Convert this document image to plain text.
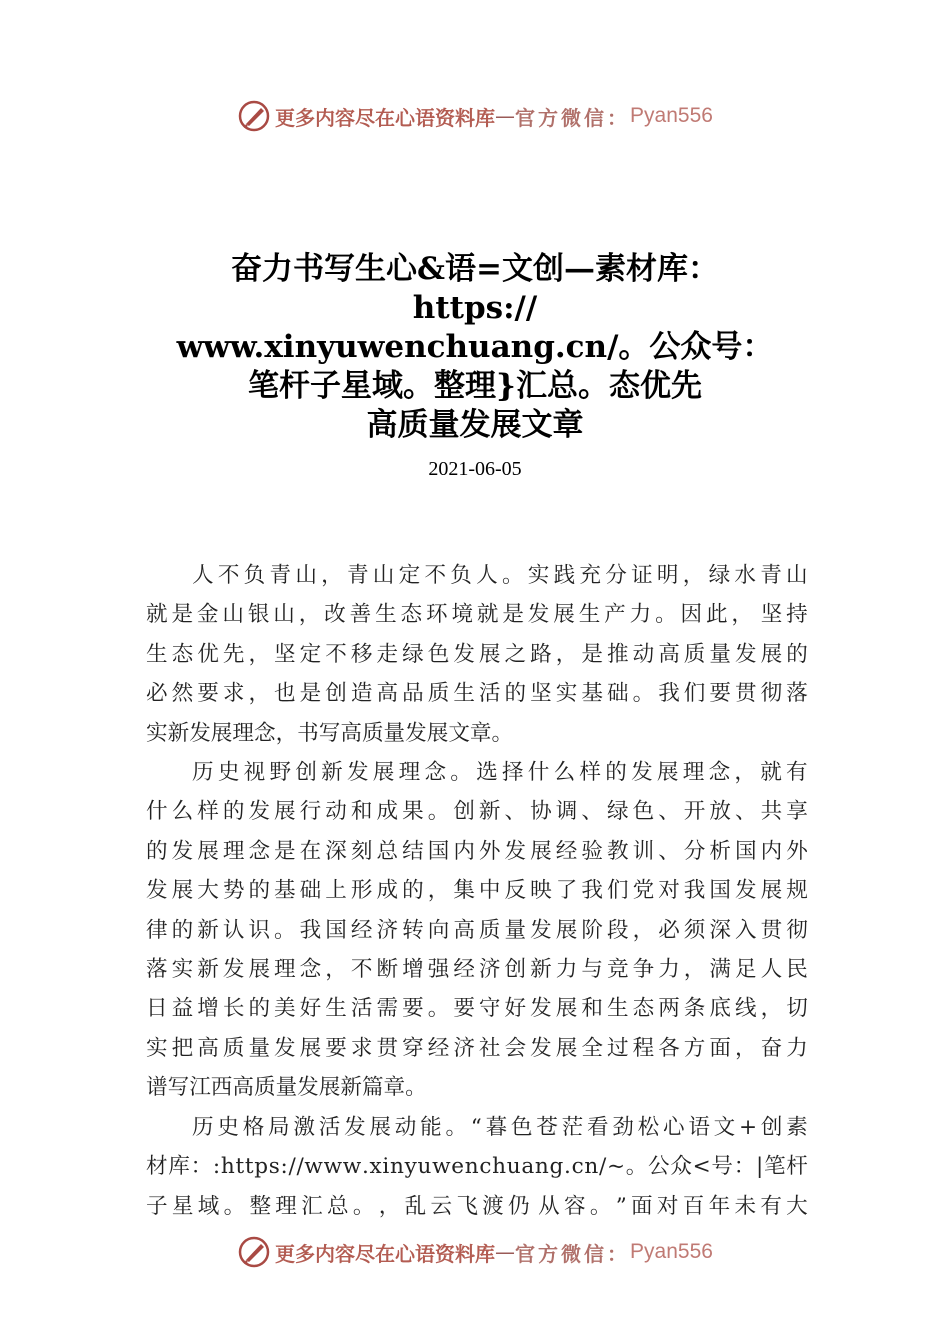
更多内容尽在心语资料库 — 官方微信： Pyan556
奋力书写生心&语=文创—素材库：
https://
www.xinyuwenchuang.cn/。公众号：
笔杆子星域。整理}汇总。态优先
高质量发展文章
2021-06-05
人 不 负 青 山 ， 青 山 定 不 负 人 。 实 践 充 分 证 明 ， 绿 水 青 山
就 是 金 山 银 山 ， 改 善 生 态 环 境 就 是 发 展 生 产 力 。 因 此 ， 坚 持
生 态 优 先 ， 坚 定 不 移 走 绿 色 发 展 之 路 ， 是 推 动 高 质 量 发 展 的
必 然 要 求 ， 也 是 创 造 高 品 质 生 活 的 坚 实 基 础 。 我 们 要 贯 彻 落
实新发展理念，书写高质量发展文章。
历 史 视 野 创 新 发 展 理 念 。 选 择 什 么 样 的 发 展 理 念 ， 就 有
什 么 样 的 发 展 行 动 和 成 果 。 创 新 、 协 调 、 绿 色 、 开 放 、 共 享
的 发 展 理 念 是 在 深 刻 总 结 国 内 外 发 展 经 验 教 训 、 分 析 国 内 外
发 展 大 势 的 基 础 上 形 成 的 ， 集 中 反 映 了 我 们 党 对 我 国 发 展 规
律 的 新 认 识 。 我 国 经 济 转 向 高 质 量 发 展 阶 段 ， 必 须 深 入 贯 彻
落 实 新 发 展 理 念 ， 不 断 增 强 经 济 创 新 力 与 竞 争 力 ， 满 足 人 民
日 益 增 长 的 美 好 生 活 需 要 。 要 守 好 发 展 和 生 态 两 条 底 线 ， 切
实 把 高 质 量 发 展 要 求 贯 穿 经 济 社 会 发 展 全 过 程 各 方 面 ， 奋 力
谱写江西高质量发展新篇章。
历 史 格 局 激 活 发 展 动 能 。 “ 暮 色 苍 茫 看 劲 松 心 语 文 + 创 素
材 库 ： : h t t p s : / / w w w . x i n y u w e n c h u a n g . c n / ~ 。 公 众 < 号 ： | 笔 杆
子 星 域 。 整 理 汇 总 。 ， 乱 云 飞 渡 仍 从 容 。 ” 面 对 百 年 未 有 大
更多内容尽在心语资料库 — 官方微信： Pyan556
